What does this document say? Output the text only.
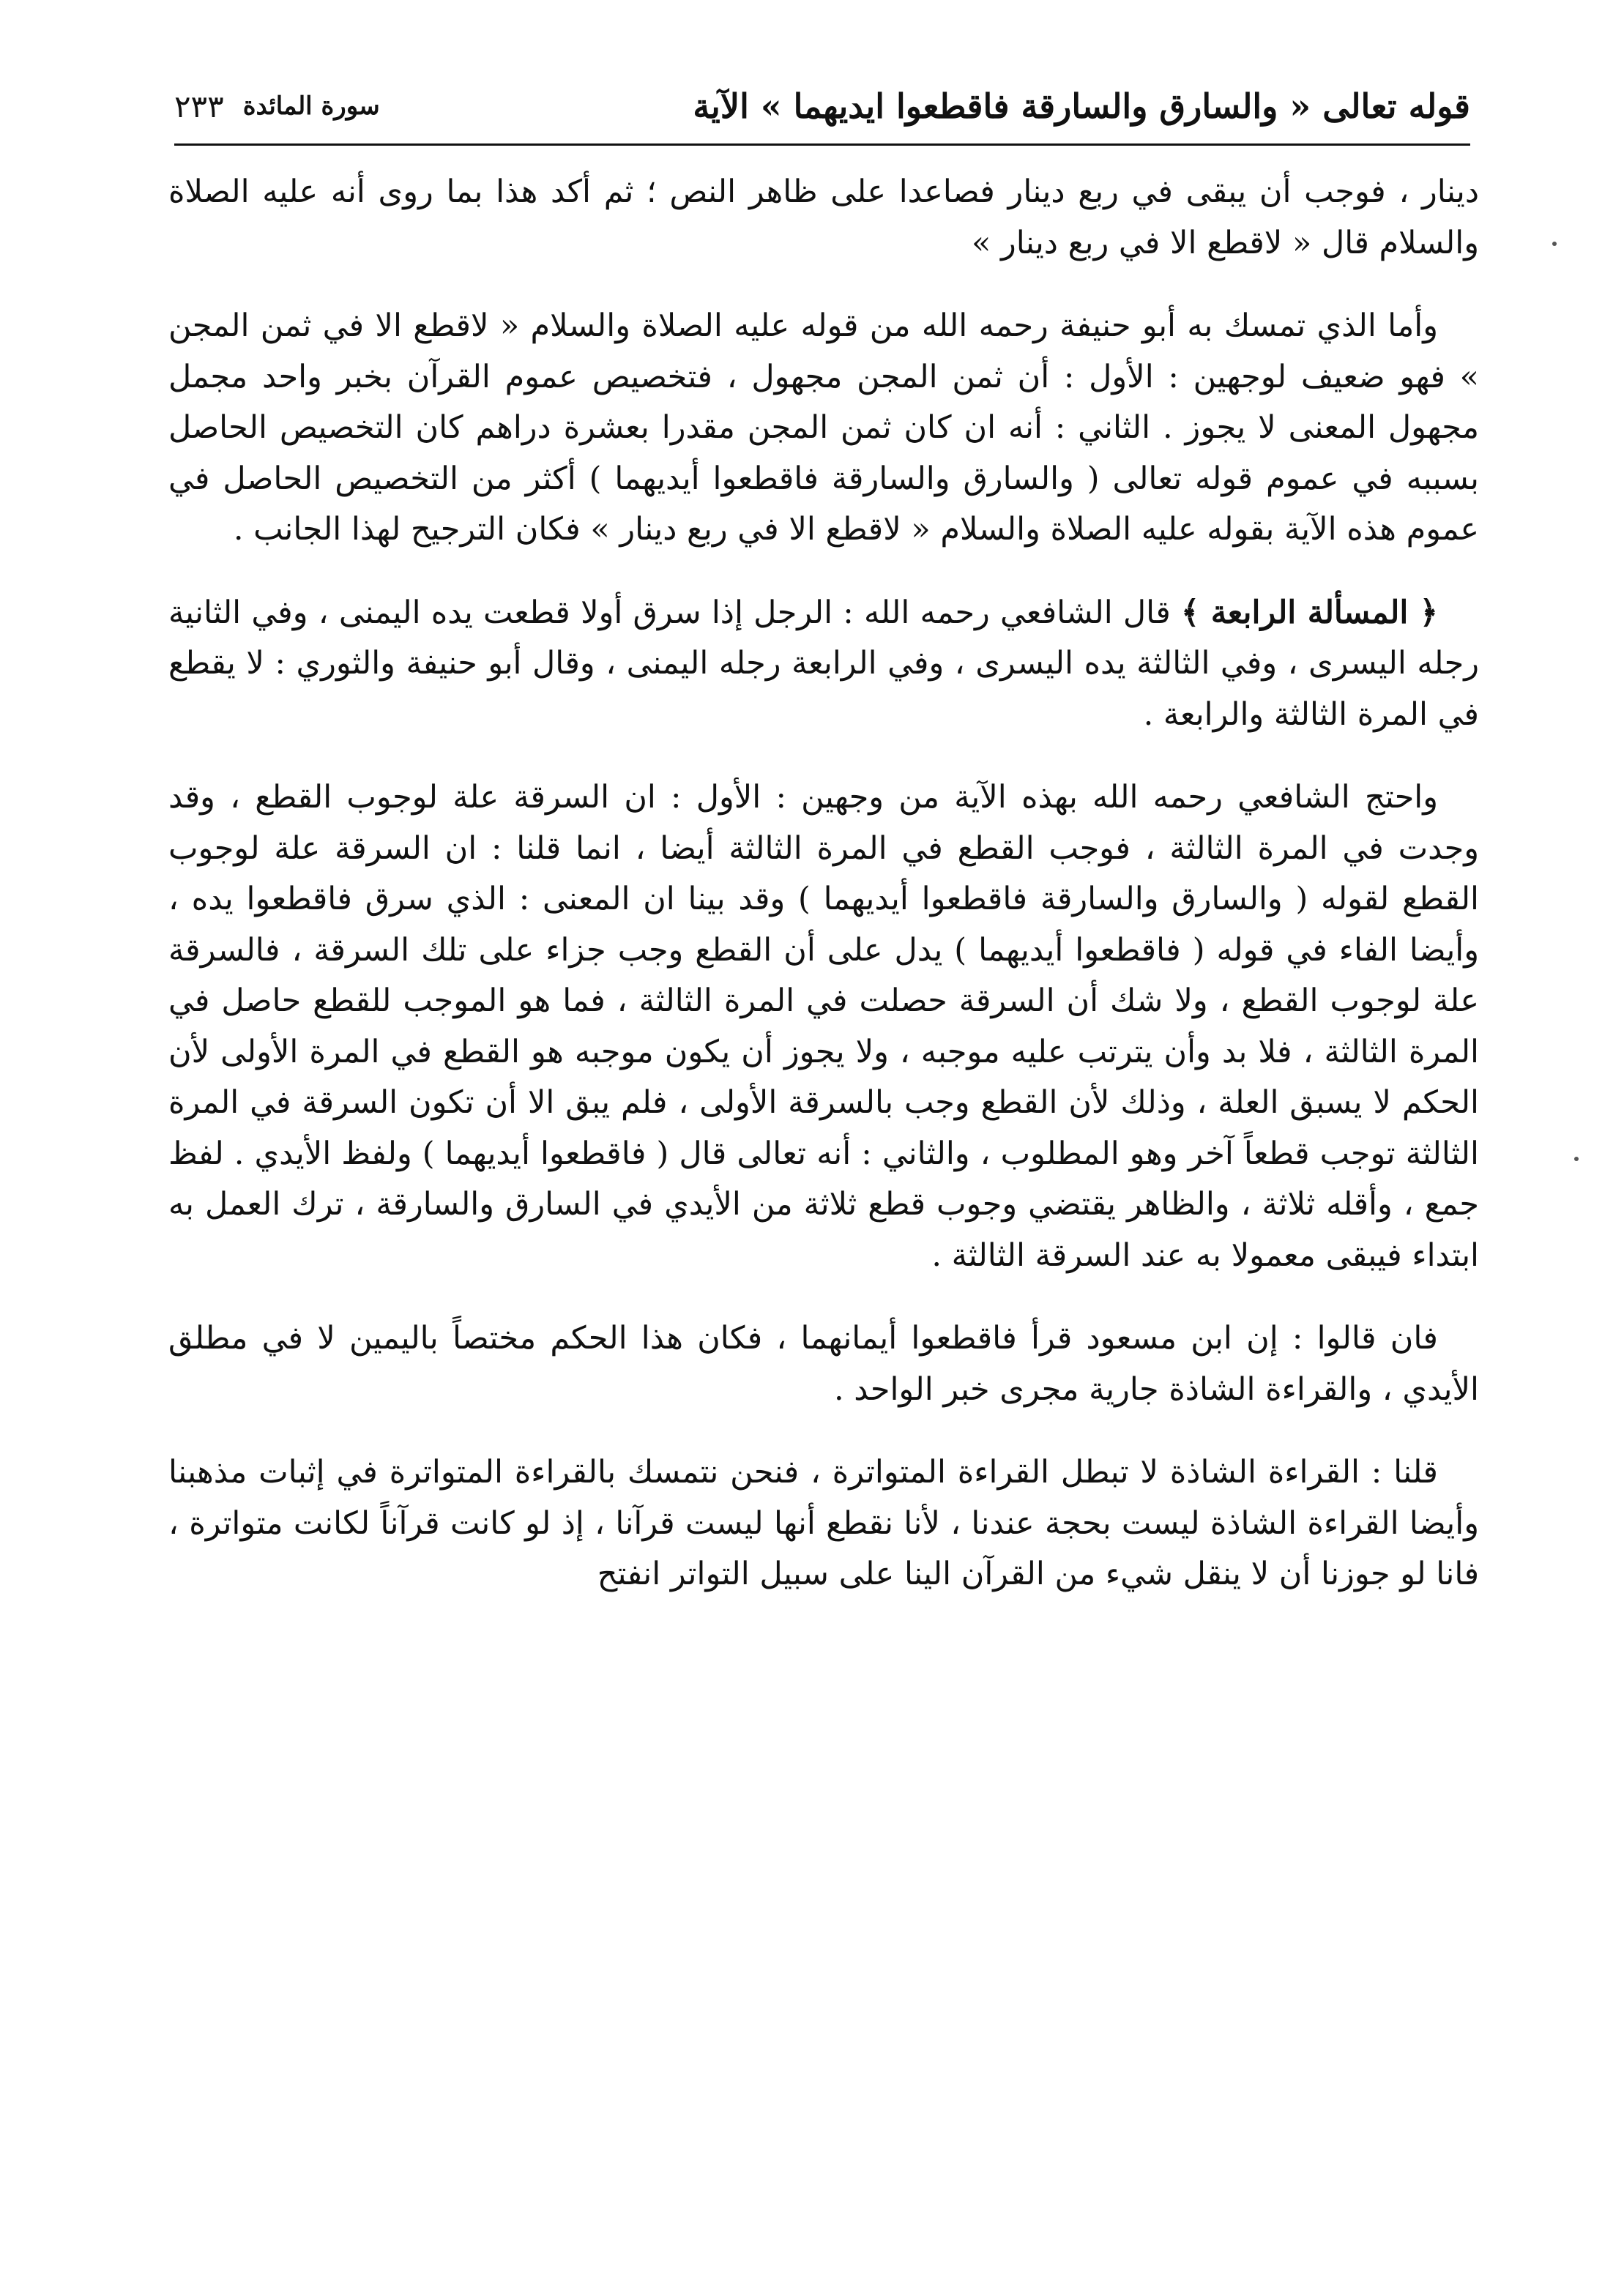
قوله تعالى « والسارق والسارقة فاقطعوا ايديهما » الآية
سورة المائدة
٢٣٣

دينار ، فوجب أن يبقى في ربع دينار فصاعدا على ظاهر النص ؛ ثم أكد هذا بما روى أنه عليه الصلاة والسلام قال « لاقطع الا في ربع دينار »

وأما الذي تمسك به أبو حنيفة رحمه الله من قوله عليه الصلاة والسلام « لاقطع الا في ثمن المجن » فهو ضعيف لوجهين : الأول : أن ثمن المجن مجهول ، فتخصيص عموم القرآن بخبر واحد مجمل مجهول المعنى لا يجوز . الثاني : أنه ان كان ثمن المجن مقدرا بعشرة دراهم كان التخصيص الحاصل بسببه في عموم قوله تعالى ( والسارق والسارقة فاقطعوا أيديهما ) أكثر من التخصيص الحاصل في عموم هذه الآية بقوله عليه الصلاة والسلام « لاقطع الا في ربع دينار » فكان الترجيح لهذا الجانب .

﴿ المسألة الرابعة ﴾ قال الشافعي رحمه الله : الرجل إذا سرق أولا قطعت يده اليمنى ، وفي الثانية رجله اليسرى ، وفي الثالثة يده اليسرى ، وفي الرابعة رجله اليمنى ، وقال أبو حنيفة والثوري : لا يقطع في المرة الثالثة والرابعة .

واحتج الشافعي رحمه الله بهذه الآية من وجهين : الأول : ان السرقة علة لوجوب القطع ، وقد وجدت في المرة الثالثة ، فوجب القطع في المرة الثالثة أيضا ، انما قلنا : ان السرقة علة لوجوب القطع لقوله ( والسارق والسارقة فاقطعوا أيديهما ) وقد بينا ان المعنى : الذي سرق فاقطعوا يده ، وأيضا الفاء في قوله ( فاقطعوا أيديهما ) يدل على أن القطع وجب جزاء على تلك السرقة ، فالسرقة علة لوجوب القطع ، ولا شك أن السرقة حصلت في المرة الثالثة ، فما هو الموجب للقطع حاصل في المرة الثالثة ، فلا بد وأن يترتب عليه موجبه ، ولا يجوز أن يكون موجبه هو القطع في المرة الأولى لأن الحكم لا يسبق العلة ، وذلك لأن القطع وجب بالسرقة الأولى ، فلم يبق الا أن تكون السرقة في المرة الثالثة توجب قطعاً آخر وهو المطلوب ، والثاني : أنه تعالى قال ( فاقطعوا أيديهما ) ولفظ الأيدي . لفظ جمع ، وأقله ثلاثة ، والظاهر يقتضي وجوب قطع ثلاثة من الأيدي في السارق والسارقة ، ترك العمل به ابتداء فيبقى معمولا به عند السرقة الثالثة .

فان قالوا : إن ابن مسعود قرأ فاقطعوا أيمانهما ، فكان هذا الحكم مختصاً باليمين لا في مطلق الأيدي ، والقراءة الشاذة جارية مجرى خبر الواحد .

قلنا : القراءة الشاذة لا تبطل القراءة المتواترة ، فنحن نتمسك بالقراءة المتواترة في إثبات مذهبنا وأيضا القراءة الشاذة ليست بحجة عندنا ، لأنا نقطع أنها ليست قرآنا ، إذ لو كانت قرآناً لكانت متواترة ، فانا لو جوزنا أن لا ينقل شيء من القرآن الينا على سبيل التواتر انفتح
